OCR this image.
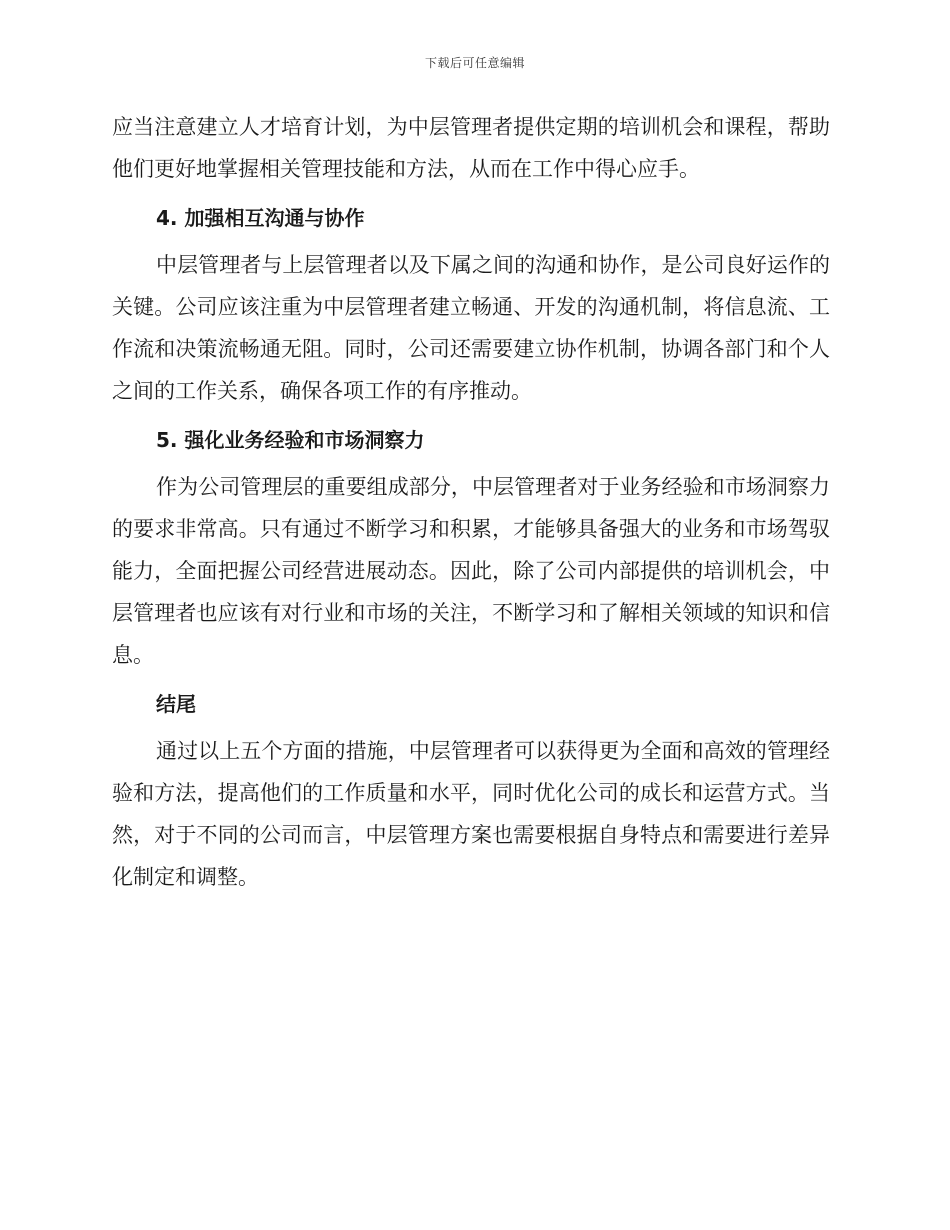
下载后可任意编辑

应当注意建立人才培育计划，为中层管理者提供定期的培训机会和课程，帮助他们更好地掌握相关管理技能和方法，从而在工作中得心应手。

4. 加强相互沟通与协作

中层管理者与上层管理者以及下属之间的沟通和协作，是公司良好运作的关键。公司应该注重为中层管理者建立畅通、开发的沟通机制，将信息流、工作流和决策流畅通无阻。同时，公司还需要建立协作机制，协调各部门和个人之间的工作关系，确保各项工作的有序推动。

5. 强化业务经验和市场洞察力

作为公司管理层的重要组成部分，中层管理者对于业务经验和市场洞察力的要求非常高。只有通过不断学习和积累，才能够具备强大的业务和市场驾驭能力，全面把握公司经营进展动态。因此，除了公司内部提供的培训机会，中层管理者也应该有对行业和市场的关注，不断学习和了解相关领域的知识和信息。

结尾

通过以上五个方面的措施，中层管理者可以获得更为全面和高效的管理经验和方法，提高他们的工作质量和水平，同时优化公司的成长和运营方式。当然，对于不同的公司而言，中层管理方案也需要根据自身特点和需要进行差异化制定和调整。
